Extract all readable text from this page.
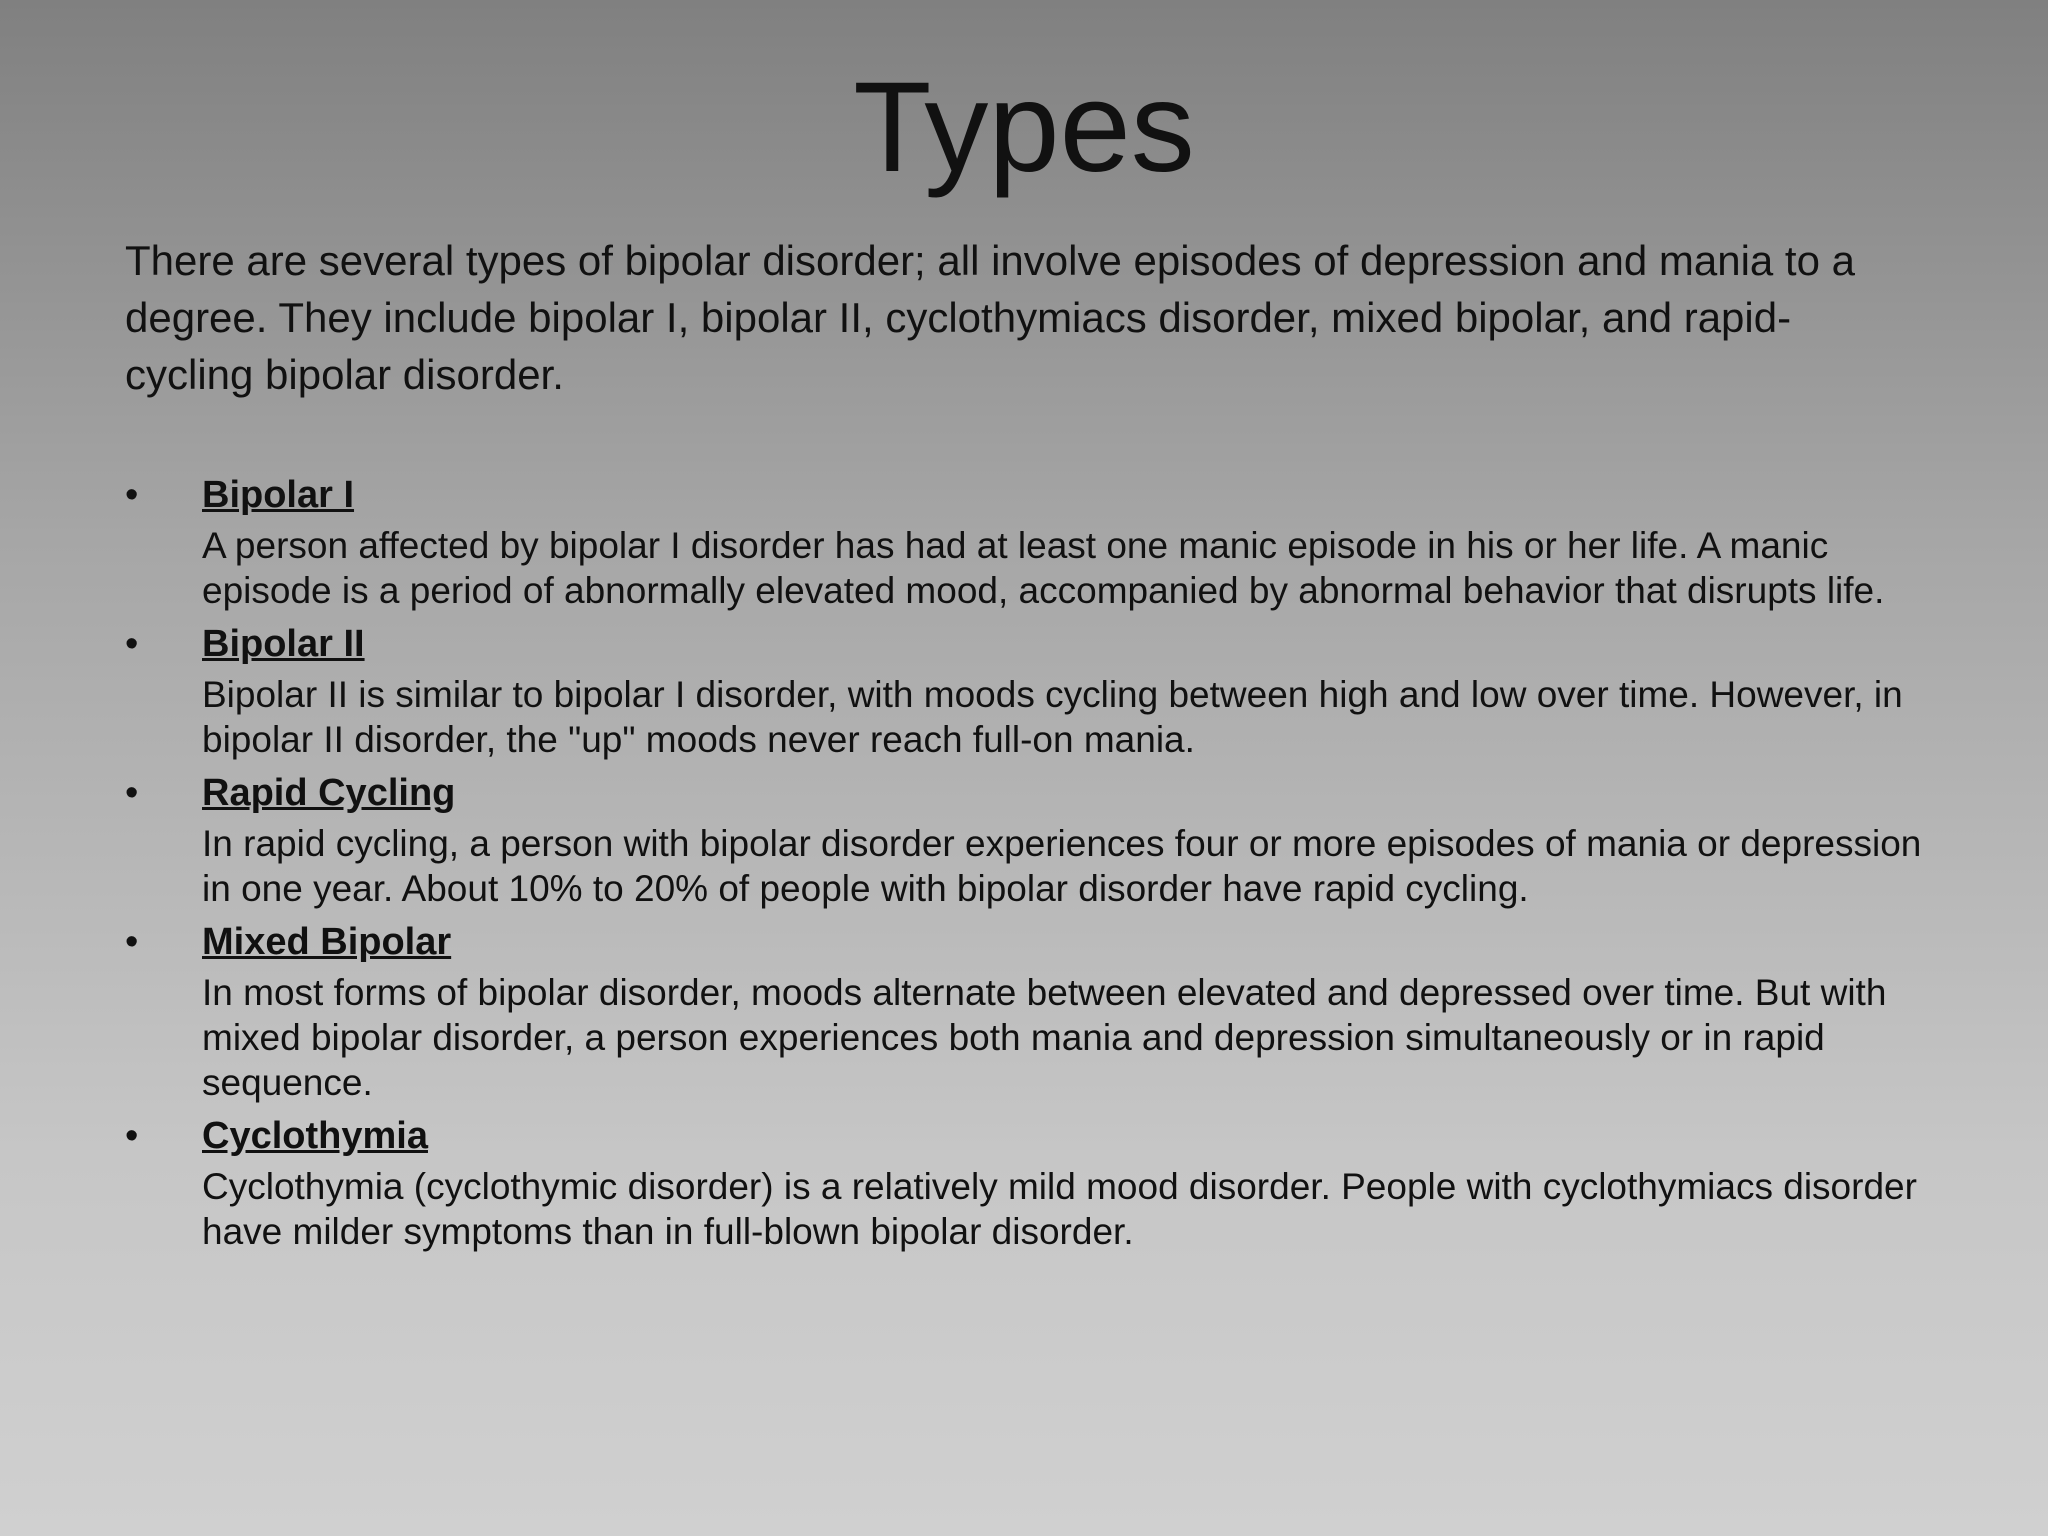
Types

There are several types of bipolar disorder; all involve episodes of depression and mania to a degree. They include bipolar I, bipolar II, cyclothymiacs disorder, mixed bipolar, and rapid-cycling bipolar disorder.

• Bipolar I
A person affected by bipolar I disorder has had at least one manic episode in his or her life. A manic episode is a period of abnormally elevated mood, accompanied by abnormal behavior that disrupts life.
• Bipolar II
Bipolar II is similar to bipolar I disorder, with moods cycling between high and low over time. However, in bipolar II disorder, the "up" moods never reach full-on mania.
• Rapid Cycling
In rapid cycling, a person with bipolar disorder experiences four or more episodes of mania or depression in one year. About 10% to 20% of people with bipolar disorder have rapid cycling.
• Mixed Bipolar
In most forms of bipolar disorder, moods alternate between elevated and depressed over time. But with mixed bipolar disorder, a person experiences both mania and depression simultaneously or in rapid sequence.
• Cyclothymia
Cyclothymia (cyclothymic disorder) is a relatively mild mood disorder. People with cyclothymiacs disorder have milder symptoms than in full-blown bipolar disorder.
